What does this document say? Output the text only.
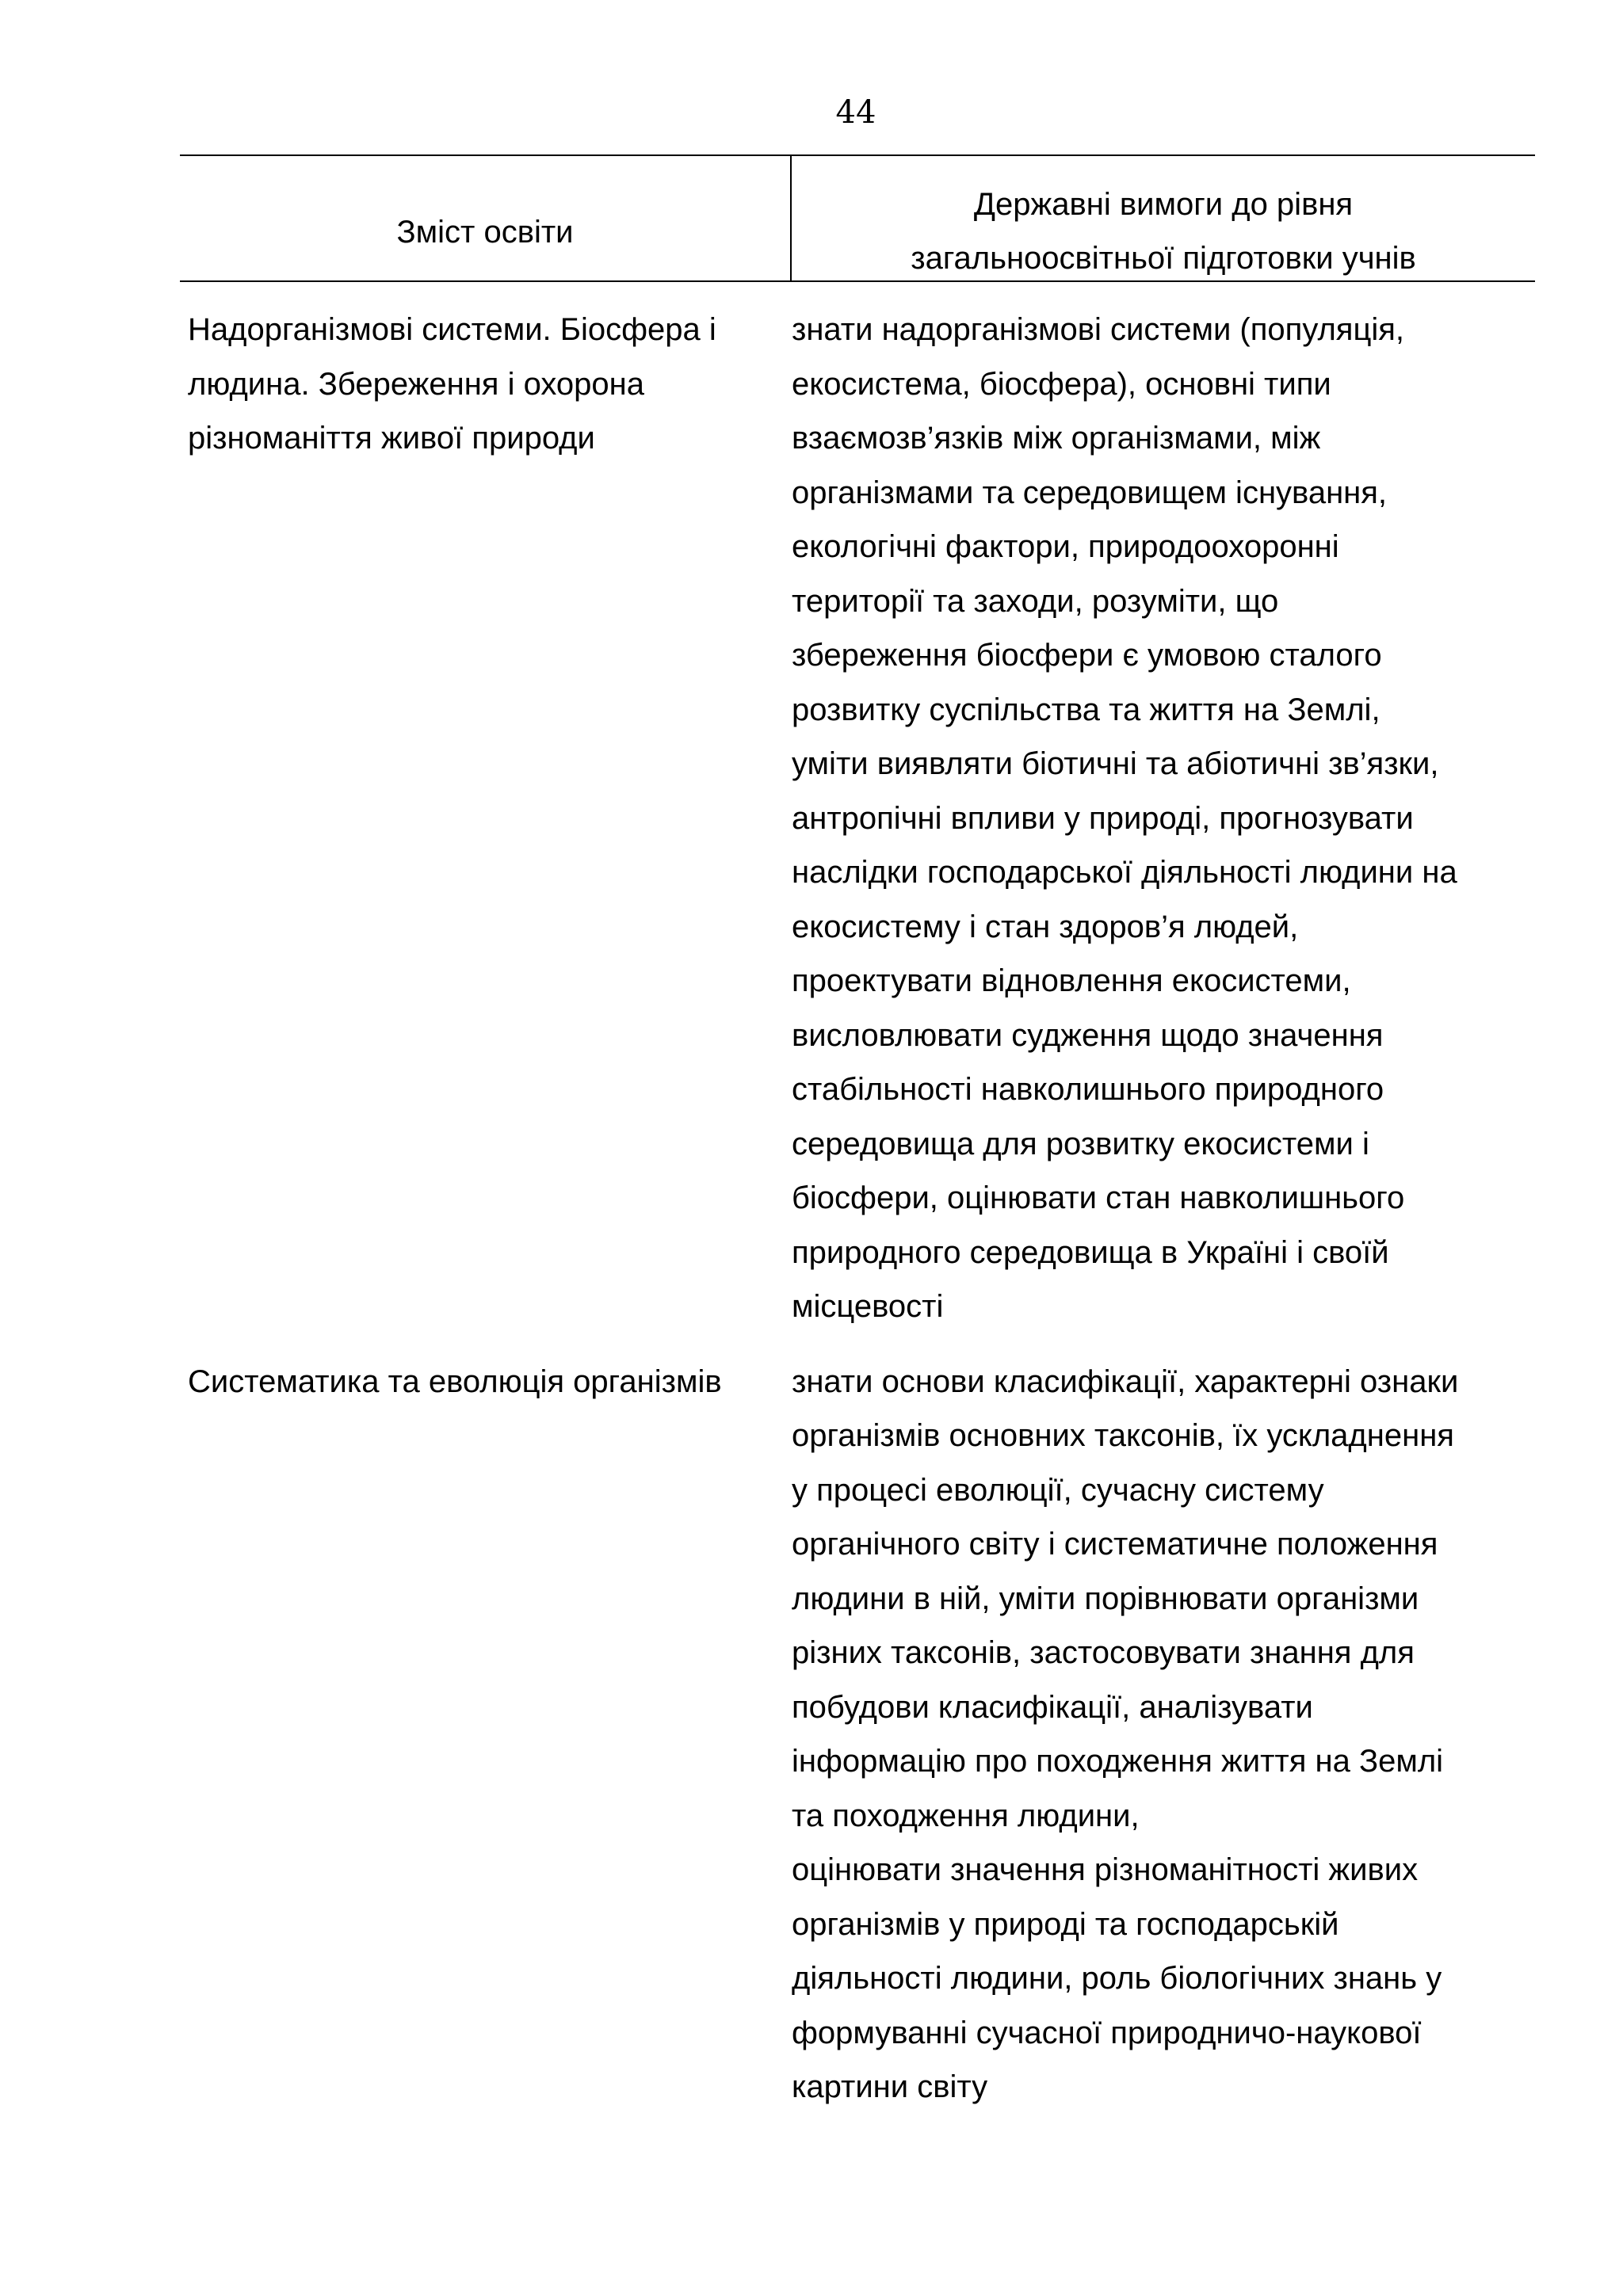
44
Зміст освіти
Державні вимоги до рівня
загальноосвітньої підготовки учнів
Надорганізмові системи. Біосфера і
людина. Збереження і охорона
різноманіття живої природи
знати надорганізмові системи (популяція,
екосистема, біосфера), основні типи
взаємозв’язків між організмами, між
організмами та середовищем існування,
екологічні фактори, природоохоронні
території та заходи, розуміти, що
збереження біосфери є умовою сталого
розвитку суспільства та життя на Землі,
уміти виявляти біотичні та абіотичні зв’язки,
антропічні впливи у природі, прогнозувати
наслідки господарської діяльності людини на
екосистему і стан здоров’я людей,
проектувати відновлення екосистеми,
висловлювати судження щодо значення
стабільності навколишнього природного
середовища для розвитку екосистеми і
біосфери, оцінювати стан навколишнього
природного середовища в Україні і своїй
місцевості
Систематика та еволюція організмів	знати основи класифікації, характерні ознаки
організмів основних таксонів, їх ускладнення
у процесі еволюції, сучасну систему
органічного світу і систематичне положення
людини в ній, уміти порівнювати організми
різних таксонів, застосовувати знання для
побудови класифікації, аналізувати
інформацію про походження життя на Землі
та походження людини,
оцінювати значення різноманітності живих
організмів у природі та господарській
діяльності людини, роль біологічних знань у
формуванні сучасної природничо-наукової
картини світу
